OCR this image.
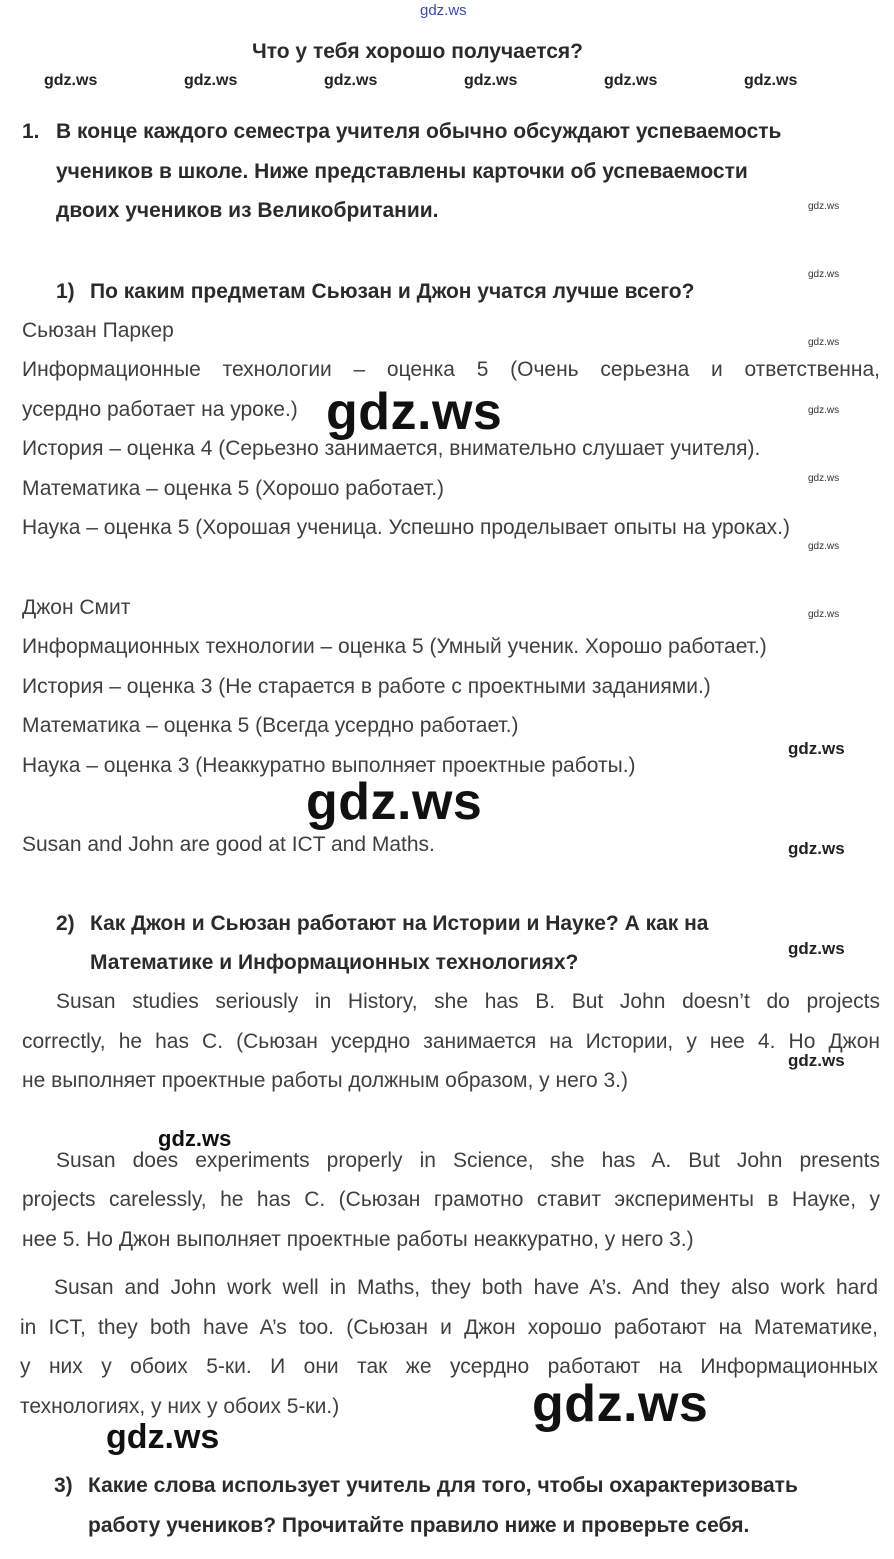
gdz.ws
Что у тебя хорошо получается?
gdz.ws	gdz.ws	gdz.ws	gdz.ws	gdz.ws	gdz.ws
1. В конце каждого семестра учителя обычно обсуждают успеваемость
учеников в школе. Ниже представлены карточки об успеваемости
двоих учеников из Великобритании.	gdz.ws
gdz.ws
gdz.ws
gdz.ws
gdz.ws
gdz.ws
gdz.ws
1) По каким предметам Сьюзан и Джон учатся лучше всего?
Сьюзан Паркер
Информационные технологии – оценка 5 (Очень серьезна и ответственна,
усердно работает на уроке.)
История – оценка 4 (Серьезно занимается, внимательно слушает учителя).
Математика – оценка 5 (Хорошо работает.)
Наука – оценка 5 (Хорошая ученица. Успешно проделывает опыты на уроках.)
gdz.ws
Джон Смит
Информационных технологии – оценка 5 (Умный ученик. Хорошо работает.)
История – оценка 3 (Не старается в работе с проектными заданиями.)
Математика – оценка 5 (Всегда усердно работает.)
Наука – оценка 3 (Неаккуратно выполняет проектные работы.)
gdz.ws
gdz.ws
Susan and John are good at ICT and Maths.	gdz.ws
2) Как Джон и Сьюзан работают на Истории и Науке? А как на
Математике и Информационных технологиях?
gdz.ws
Susan studies seriously in History, she has B. But John doesn’t do projects
correctly, he has C. (Сьюзан усердно занимается на Истории, у нее 4. Но Джон
не выполняет проектные работы должным образом, у него 3.)
gdz.ws
gdz.ws
Susan does experiments properly in Science, she has A. But John presents
projects carelessly, he has C. (Сьюзан грамотно ставит эксперименты в Науке, у
нее 5. Но Джон выполняет проектные работы неаккуратно, у него 3.)
Susan and John work well in Maths, they both have A’s. And they also work hard
in ICT, they both have A’s too. (Сьюзан и Джон хорошо работают на Математике,
у них у обоих 5-ки. И они так же усердно работают на Информационных
технологиях, у них у обоих 5-ки.)	gdz.ws
gdz.ws
3) Какие слова использует учитель для того, чтобы охарактеризовать
работу учеников? Прочитайте правило ниже и проверьте себя.
